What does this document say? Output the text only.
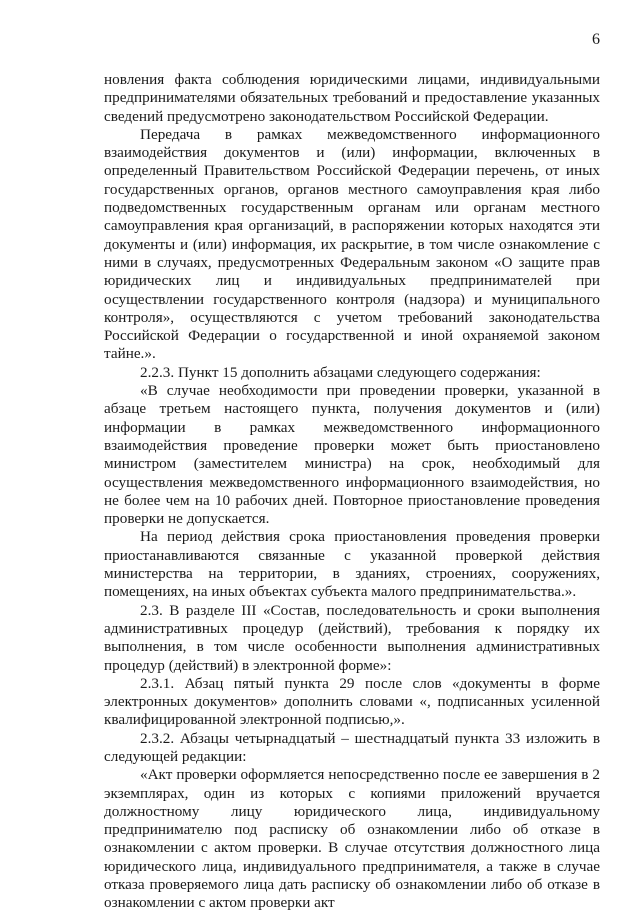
6

новления факта соблюдения юридическими лицами, индивидуальными предпринимателями обязательных требований и предоставление указанных сведений предусмотрено законодательством Российской Федерации.

Передача в рамках межведомственного информационного взаимодействия документов и (или) информации, включенных в определенный Правительством Российской Федерации перечень, от иных государственных органов, органов местного самоуправления края либо подведомственных государственным органам или органам местного самоуправления края организаций, в распоряжении которых находятся эти документы и (или) информация, их раскрытие, в том числе ознакомление с ними в случаях, предусмотренных Федеральным законом «О защите прав юридических лиц и индивидуальных предпринимателей при осуществлении государственного контроля (надзора) и муниципального контроля», осуществляются с учетом требований законодательства Российской Федерации о государственной и иной охраняемой законом тайне.».

2.2.3. Пункт 15 дополнить абзацами следующего содержания:

«В случае необходимости при проведении проверки, указанной в абзаце третьем настоящего пункта, получения документов и (или) информации в рамках межведомственного информационного взаимодействия проведение проверки может быть приостановлено министром (заместителем министра) на срок, необходимый для осуществления межведомственного информационного взаимодействия, но не более чем на 10 рабочих дней. Повторное приостановление проведения проверки не допускается.

На период действия срока приостановления проведения проверки приостанавливаются связанные с указанной проверкой действия министерства на территории, в зданиях, строениях, сооружениях, помещениях, на иных объектах субъекта малого предпринимательства.».

2.3. В разделе III «Состав, последовательность и сроки выполнения административных процедур (действий), требования к порядку их выполнения, в том числе особенности выполнения административных процедур (действий) в электронной форме»:

2.3.1. Абзац пятый пункта 29 после слов «документы в форме электронных документов» дополнить словами «, подписанных усиленной квалифицированной электронной подписью,».

2.3.2. Абзацы четырнадцатый – шестнадцатый пункта 33 изложить в следующей редакции:

«Акт проверки оформляется непосредственно после ее завершения в 2 экземплярах, один из которых с копиями приложений вручается должностному лицу юридического лица, индивидуальному предпринимателю под расписку об ознакомлении либо об отказе в ознакомлении с актом проверки. В случае отсутствия должностного лица юридического лица, индивидуального предпринимателя, а также в случае отказа проверяемого лица дать расписку об ознакомлении либо об отказе в ознакомлении с актом проверки акт
